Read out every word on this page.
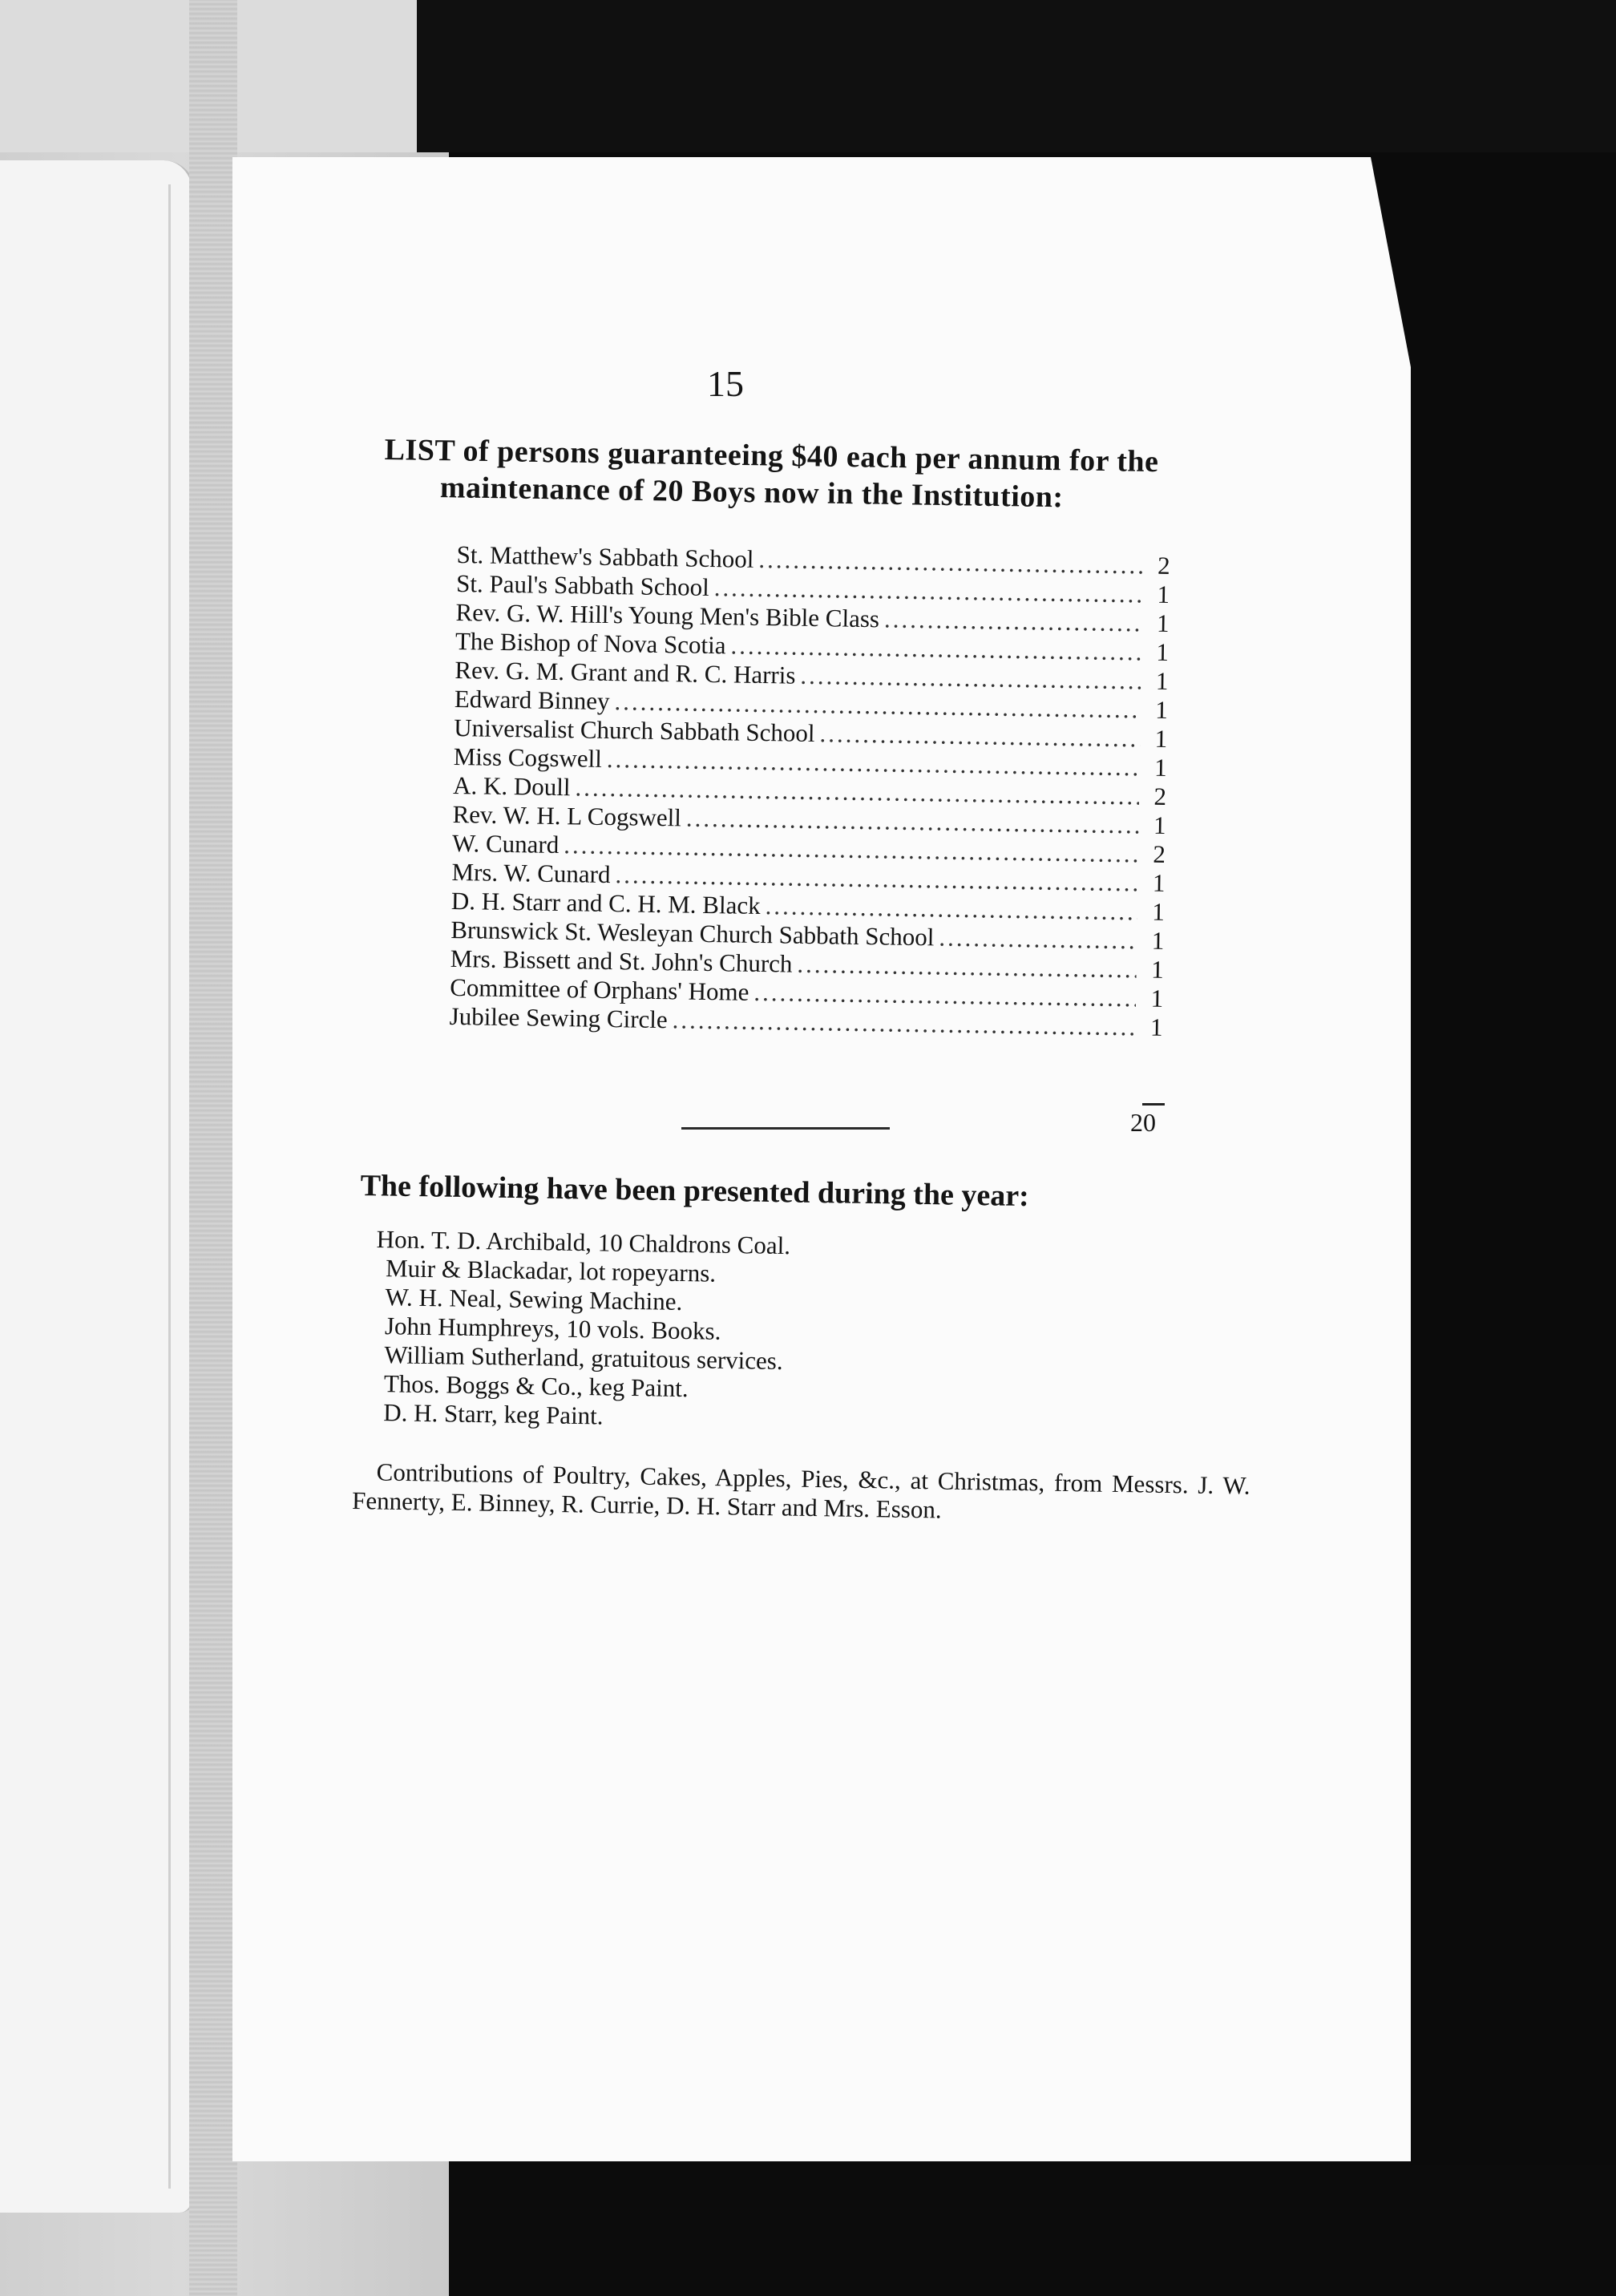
15
LIST of persons guaranteeing $40 each per annum for the
maintenance of 20 Boys now in the Institution:
St. Matthew's Sabbath School .....	2
St. Paul's Sabbath School .....	1
Rev. G. W. Hill's Young Men's Bible Class .....	1
The Bishop of Nova Scotia .....	1
Rev. G. M. Grant and R. C. Harris .....	1
Edward Binney .....	1
Universalist Church Sabbath School .....	1
Miss Cogswell .....	1
A. K. Doull .....	2
Rev. W. H. L Cogswell .....	1
W. Cunard .....	2
Mrs. W. Cunard .....	1
D. H. Starr and C. H. M. Black .....	1
Brunswick St. Wesleyan Church Sabbath School .....	1
Mrs. Bissett and St. John's Church .....	1
Committee of Orphans' Home .....	1
Jubilee Sewing Circle .....	1
20
The following have been presented during the year:
Hon. T. D. Archibald, 10 Chaldrons Coal.
Muir & Blackadar, lot ropeyarns.
W. H. Neal, Sewing Machine.
John Humphreys, 10 vols. Books.
William Sutherland, gratuitous services.
Thos. Boggs & Co., keg Paint.
D. H. Starr, keg Paint.
Contributions of Poultry, Cakes, Apples, Pies, &c., at Christmas, from Messrs. J. W. Fennerty, E. Binney, R. Currie, D. H. Starr and Mrs. Esson.
